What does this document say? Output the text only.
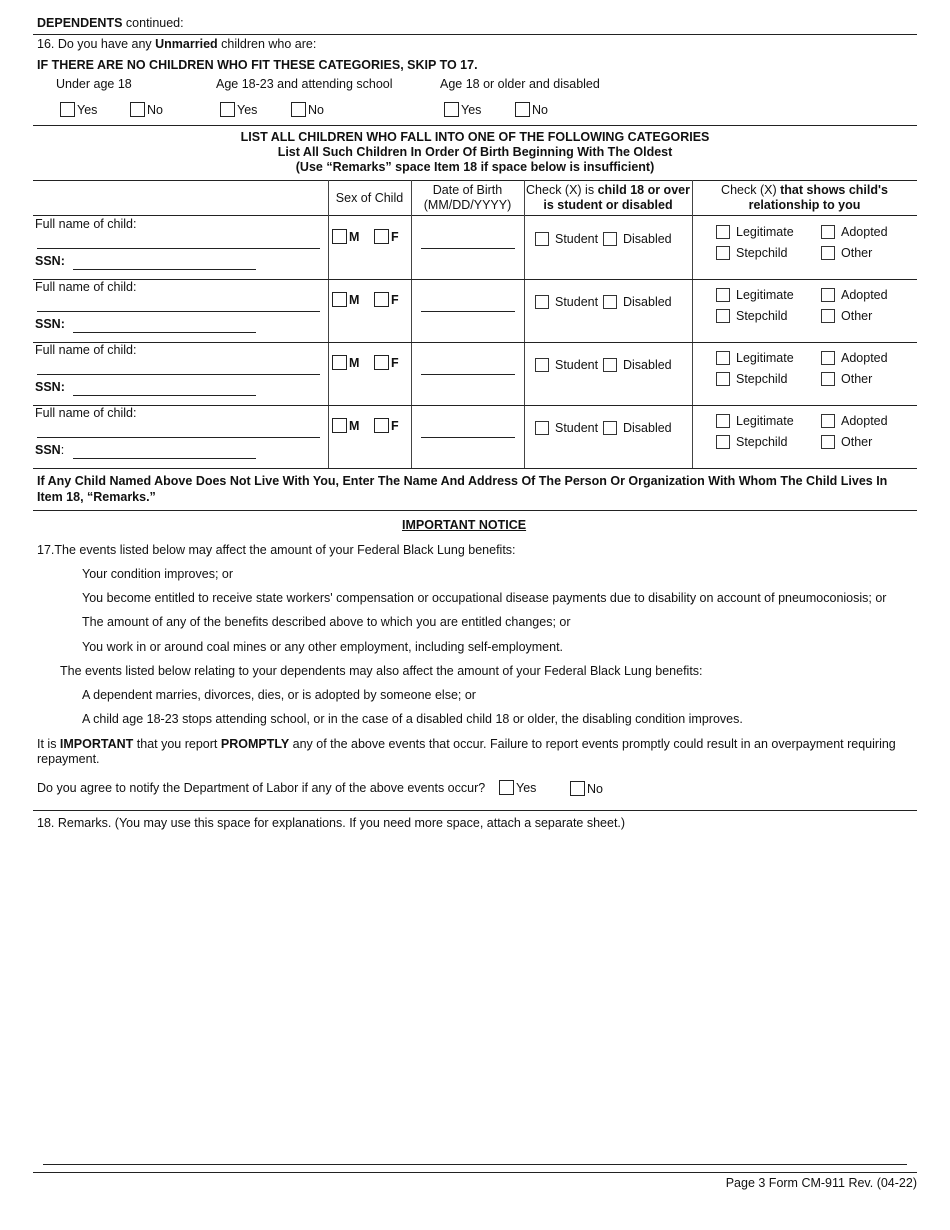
DEPENDENTS continued:
16. Do you have any Unmarried children who are:
IF THERE ARE NO CHILDREN WHO FIT THESE CATEGORIES, SKIP TO 17.
Under age 18	Age 18-23 and attending school	Age 18 or older and disabled
Yes	No	Yes	No	Yes	No
LIST ALL CHILDREN WHO FALL INTO ONE OF THE FOLLOWING CATEGORIES
List All Such Children In Order Of Birth Beginning With The Oldest
(Use “Remarks” space Item 18 if space below is insufficient)
Sex of Child
Date of Birth
(MM/DD/YYYY)
Check (X) is child 18 or over
is student or disabled
Check (X) that shows child's
relationship to you
Full name of child:
SSN:
M	F	Student Disabled	Legitimate	Adopted
Stepchild	Other
Full name of child:
SSN:
M	F	Student Disabled	Legitimate	Adopted
Stepchild	Other
Full name of child:
SSN:
M	F	Student Disabled	Legitimate	Adopted
Stepchild	Other
Full name of child:
SSN:
M	F	Student Disabled	Legitimate	Adopted
Stepchild	Other
If Any Child Named Above Does Not Live With You, Enter The Name And Address Of The Person Or Organization With Whom The Child Lives In Item 18, “Remarks.”
IMPORTANT NOTICE
17.The events listed below may affect the amount of your Federal Black Lung benefits:
Your condition improves; or
You become entitled to receive state workers' compensation or occupational disease payments due to disability on account of pneumoconiosis; or
The amount of any of the benefits described above to which you are entitled changes; or
You work in or around coal mines or any other employment, including self-employment.
The events listed below relating to your dependents may also affect the amount of your Federal Black Lung benefits:
A dependent marries, divorces, dies, or is adopted by someone else; or
A child age 18-23 stops attending school, or in the case of a disabled child 18 or older, the disabling condition improves.
It is IMPORTANT that you report PROMPTLY any of the above events that occur. Failure to report events promptly could result in an overpayment requiring repayment.
Do you agree to notify the Department of Labor if any of the above events occur? Yes	No
18. Remarks. (You may use this space for explanations. If you need more space, attach a separate sheet.)
Page 3 Form CM-911 Rev. (04-22)
